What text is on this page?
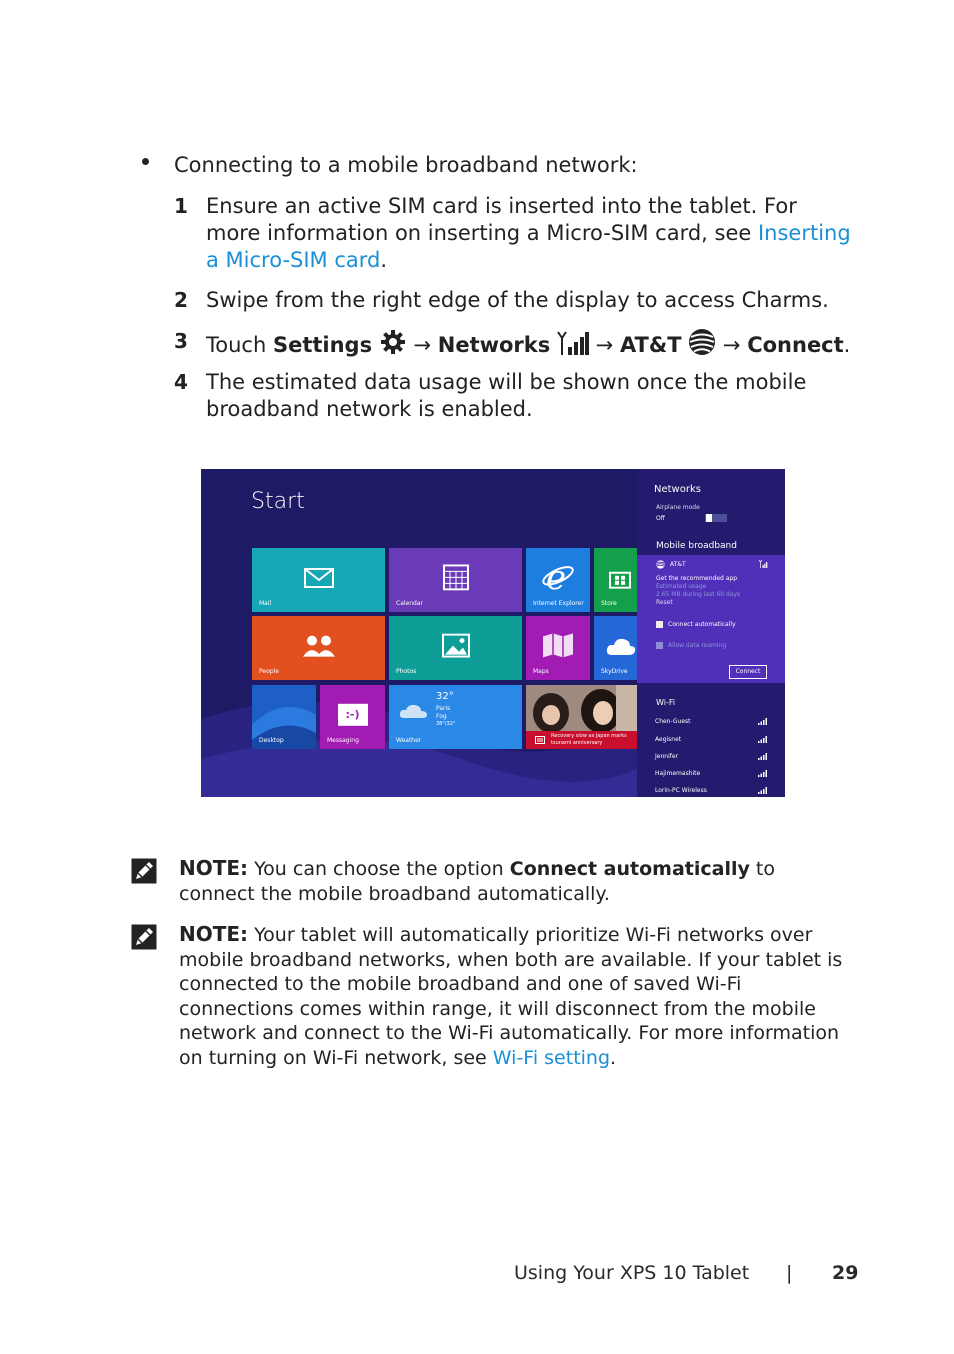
Connecting to a mobile broadband network:
1 Ensure an active SIM card is inserted into the tablet. For more information on inserting a Micro-SIM card, see Inserting a Micro-SIM card.
2 Swipe from the right edge of the display to access Charms.
3 Touch Settings → Networks → AT&T → Connect.
4 The estimated data usage will be shown once the mobile broadband network is enabled.
Start
Mail	Calendar
e
Internet Explorer	Store
People	Photos	Maps	SkyDrive
Desktop
:-)
Messaging
32°
Paris
Fog
38°/32°
Weather
Recovery slow as Japan marks tsunami anniversary
Networks
Airplane mode
Off
Mobile broadband
AT&T
Get the recommended app
Estimated usage
2.65 MB during last 60 days
Reset
Connect automatically
Allow data roaming
Connect
Wi-Fi
Chen-Guest
Aegisnet
Jennifer
Hajimemashite
Lorin-PC Wireless
NOTE: You can choose the option Connect automatically to connect the mobile broadband automatically.
NOTE: Your tablet will automatically prioritize Wi-Fi networks over mobile broadband networks, when both are available. If your tablet is connected to the mobile broadband and one of saved Wi-Fi connections comes within range, it will disconnect from the mobile network and connect to the Wi-Fi automatically. For more information on turning on Wi-Fi network, see Wi-Fi setting.
Using Your XPS 10 Tablet | 29
